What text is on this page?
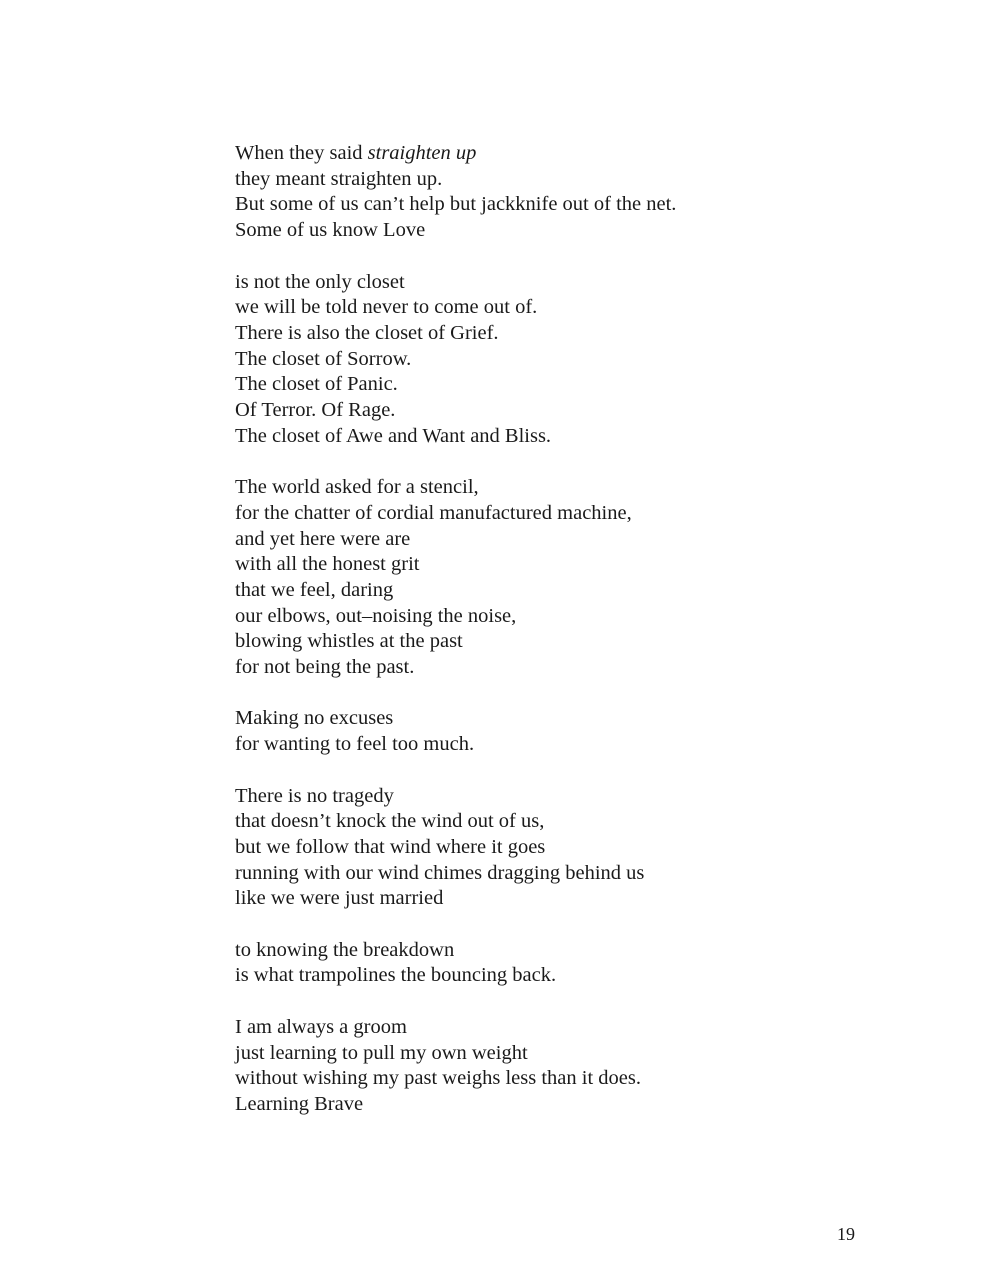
When they said straighten up

they meant straighten up.

But some of us can’t help but jackknife out of the net.

Some of us know Love

is not the only closet

we will be told never to come out of.

There is also the closet of Grief.

The closet of Sorrow.

The closet of Panic.

Of Terror. Of Rage.

The closet of Awe and Want and Bliss.

The world asked for a stencil,

for the chatter of cordial manufactured machine,

and yet here were are

with all the honest grit

that we feel, daring

our elbows, out–noising the noise,

blowing whistles at the past

for not being the past.

Making no excuses

for wanting to feel too much.

There is no tragedy

that doesn’t knock the wind out of us,

but we follow that wind where it goes

running with our wind chimes dragging behind us

like we were just married

to knowing the breakdown

is what trampolines the bouncing back.

I am always a groom

just learning to pull my own weight

without wishing my past weighs less than it does.

Learning Brave

19
